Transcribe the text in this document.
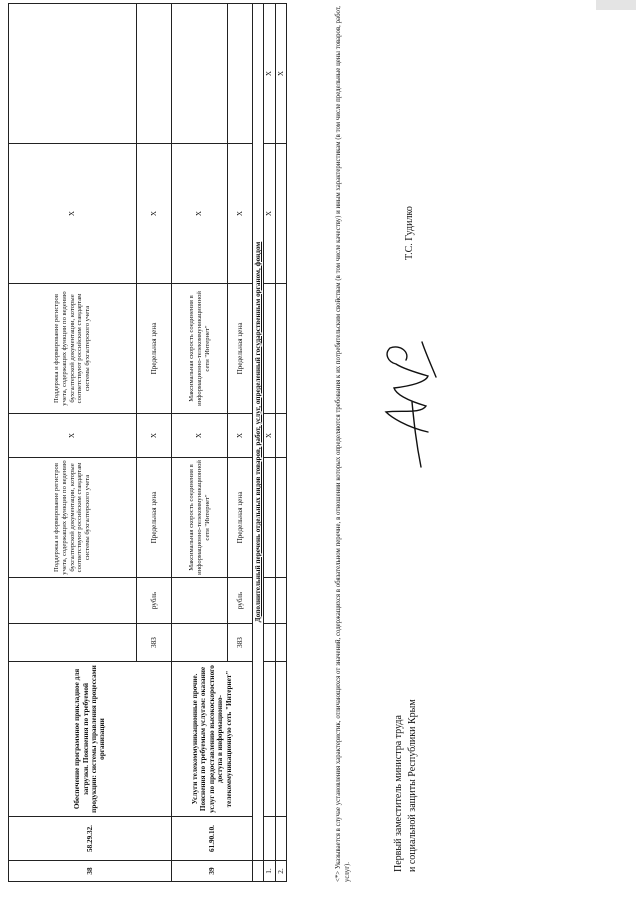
38	58.29.32.	Обеспечение программное прикладное для загрузки. Пояснения по требуемой продукции: системы управления процессами организации			Поддержка и формирование регистров учета, содержащих функции по ведению бухгалтерской документации, которые соответствуют российским стандартам системы бухгалтерского учета	X	Поддержка и формирование регистров учета, содержащих функции по ведению бухгалтерской документации, которые соответствуют российским стандартам системы бухгалтерского учета	X	
			383	рубль	Предельная цена	X	Предельная цена	X	
39	61.90.10.	Услуги телекоммуникационные прочие. Пояснения по требуемым услугам: оказание услуг по предоставлению высокоскоростного доступа в информационно-телекоммуникационную сеть "Интернет"			Максимальная скорость соединения в информационно-телекоммуникационной сети "Интернет"	X	Максимальная скорость соединения в информационно-телекоммуникационной сети "Интернет"	X	
			383	рубль	Предельная цена	X	Предельная цена	X	
	Дополнительный перечень отдельных видов товаров, работ, услуг, определенный государственным органом, фондом								
1.						X		X	X
2.									X	<*> Указывается в случае установления характеристик, отличающихся от значений, содержащихся в обязательном перечне, в отношении которых определяются требования к их потребительским свойствам (в том числе качеству) и иным характеристикам (в том числе предельные цены товаров, работ, услуг).
Первый заместитель министра труда и социальной защиты Республики Крым
Т.С. Гудилко
